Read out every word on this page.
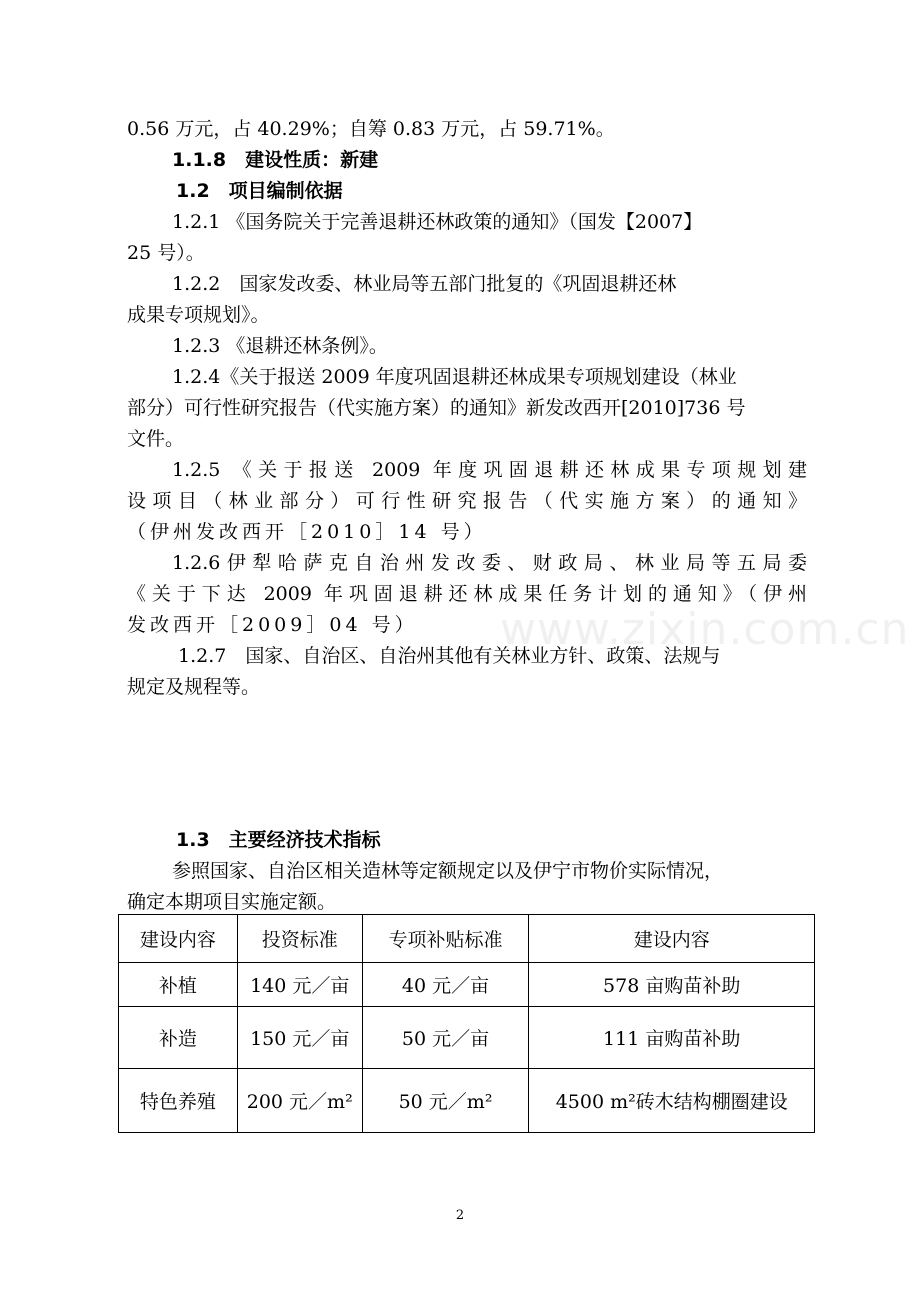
0.56 万元，占 40.29%；自筹 0.83 万元，占 59.71%。
1.1.8　建设性质：新建
1.2　项目编制依据
1.2.1 《国务院关于完善退耕还林政策的通知》（国发【2007】
25 号）。
1.2.2　国家发改委、林业局等五部门批复的《巩固退耕还林
成果专项规划》。
1.2.3 《退耕还林条例》。
1.2.4《关于报送 2009 年度巩固退耕还林成果专项规划建设（林业
部分）可行性研究报告（代实施方案）的通知》新发改西开[2010]736 号
文件。
1.2.5 《关于报送 2009 年度巩固退耕还林成果专项规划建
设项目（林业部分）可行性研究报告（代实施方案）的通知》
（伊州发改西开［2010］14 号）
1.2.6伊犁哈萨克自治州发改委、财政局、林业局等五局委
《关于下达 2009 年巩固退耕还林成果任务计划的通知》（伊州
发改西开［2009］04 号）
1.2.7　国家、自治区、自治州其他有关林业方针、政策、法规与
规定及规程等。
1.3　主要经济技术指标
参照国家、自治区相关造林等定额规定以及伊宁市物价实际情况，
确定本期项目实施定额。
www.zixin.com.cn
建设内容	投资标准	专项补贴标准	建设内容
补植	140 元／亩	40 元／亩	578 亩购苗补助
补造	150 元／亩	50 元／亩	111 亩购苗补助
特色养殖	200 元／m²	50 元／m²	4500 m²砖木结构棚圈建设
2
